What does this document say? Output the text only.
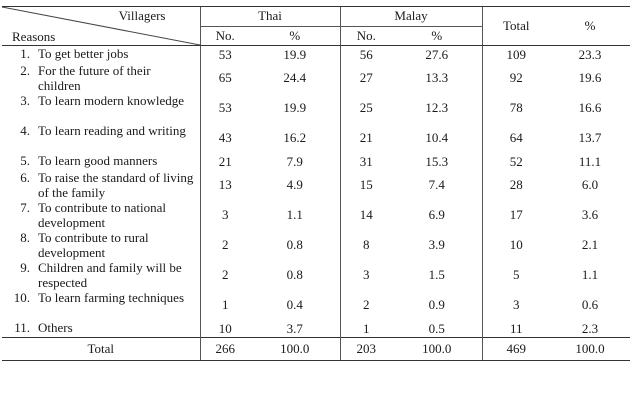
Villagers
Reasons	Thai		Malay		Total	%
	No.	%	No.	%		
1. To get better jobs	53	19.9	56	27.6	109	23.3
2. For the future of their children	65	24.4	27	13.3	92	19.6
3. To learn modern knowledge	53	19.9	25	12.3	78	16.6
4. To learn reading and writing	43	16.2	21	10.4	64	13.7
5. To learn good manners	21	7.9	31	15.3	52	11.1
6. To raise the standard of living of the family	13	4.9	15	7.4	28	6.0
7. To contribute to national development	3	1.1	14	6.9	17	3.6
8. To contribute to rural development	2	0.8	8	3.9	10	2.1
9. Children and family will be respected	2	0.8	3	1.5	5	1.1
10. To learn farming techniques	1	0.4	2	0.9	3	0.6
11. Others	10	3.7	1	0.5	11	2.3
Total	266	100.0	203	100.0	469	100.0
